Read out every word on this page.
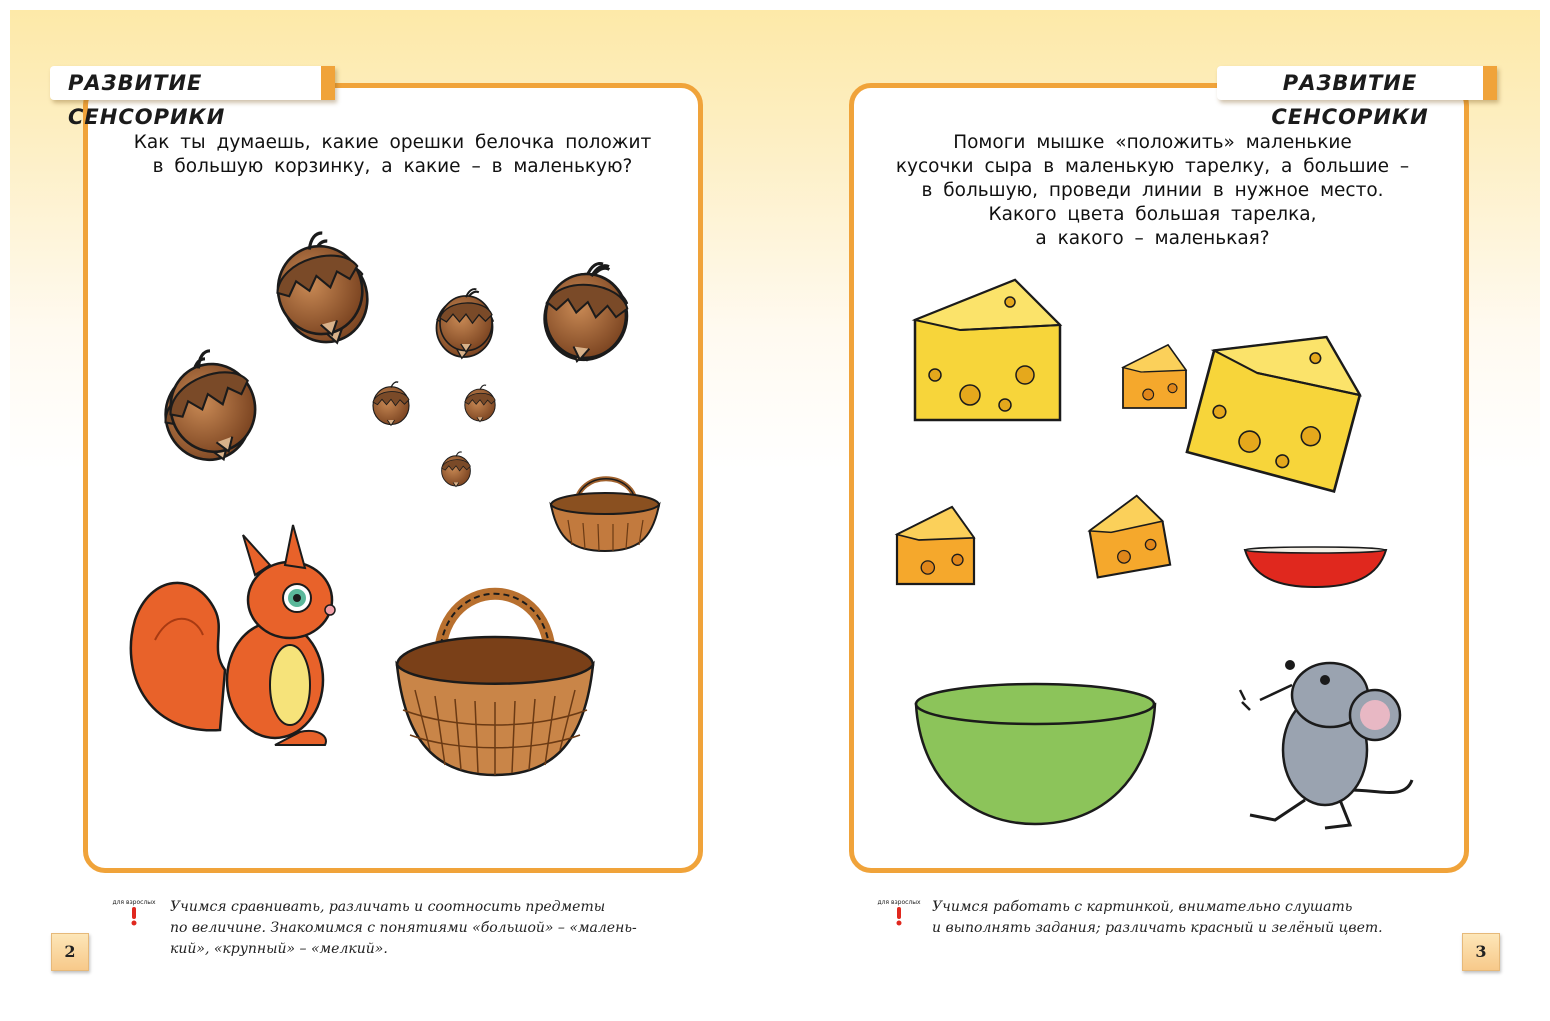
РАЗВИТИЕ СЕНСОРИКИ
Как ты думаешь, какие орешки белочка положит
в большую корзинку, а какие – в маленькую?
для взрослых Учимся сравнивать, различать и соотносить предметы
по величине. Знакомимся с понятиями «большой» – «малень-
кий», «крупный» – «мелкий».
2
РАЗВИТИЕ СЕНСОРИКИ
Помоги мышке «положить» маленькие
кусочки сыра в маленькую тарелку, а большие –
в большую, проведи линии в нужное место.
Какого цвета большая тарелка,
а какого – маленькая?
для взрослых Учимся работать с картинкой, внимательно слушать
и выполнять задания; различать красный и зелёный цвет.
3
